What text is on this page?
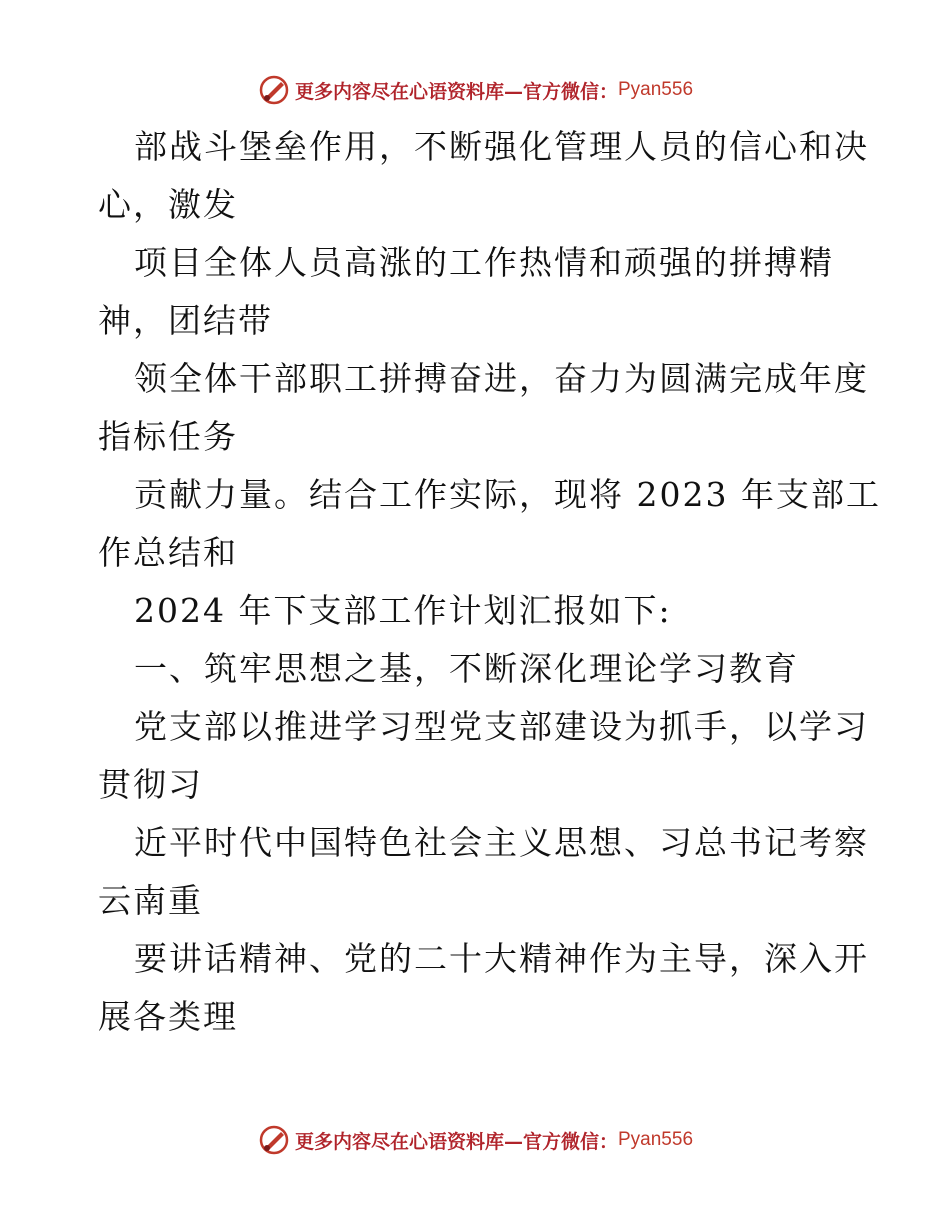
更多内容尽在心语资料库—官方微信： Pyan556
部战斗堡垒作用，不断强化管理人员的信心和决
心，激发
项目全体人员高涨的工作热情和顽强的拼搏精
神，团结带
领全体干部职工拼搏奋进，奋力为圆满完成年度
指标任务
贡献力量。结合工作实际，现将 2023 年支部工
作总结和
2024 年下支部工作计划汇报如下:
一、筑牢思想之基，不断深化理论学习教育
党支部以推进学习型党支部建设为抓手，以学习
贯彻习
近平时代中国特色社会主义思想、习总书记考察
云南重
要讲话精神、党的二十大精神作为主导，深入开
展各类理
更多内容尽在心语资料库—官方微信： Pyan556
